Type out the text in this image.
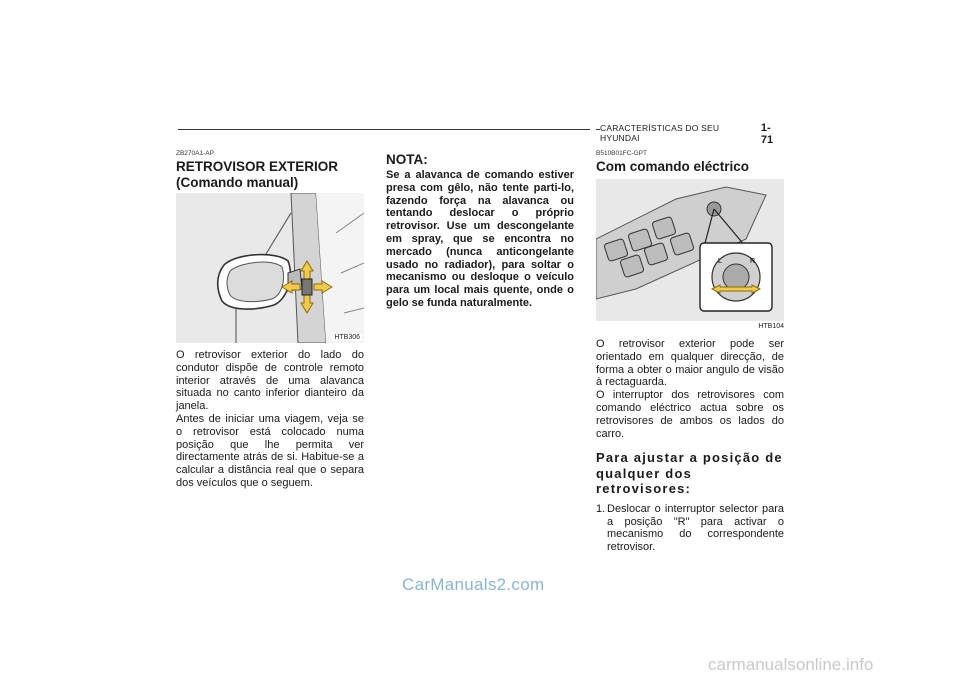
CARACTERÍSTICAS DO SEU HYUNDAI
1- 71
ZB270A1-AP
RETROVISOR EXTERIOR
(Comando manual)
HTB306

O retrovisor exterior do lado do condutor dispõe de controle remoto interior através de uma alavanca situada no canto inferior dianteiro da janela.

Antes de iniciar uma viagem, veja se o retrovisor está colocado numa posição que lhe permita ver directamente atrás de si. Habitue-se a calcular a distância real que o separa dos veículos que o seguem.

NOTA:
Se a alavanca de comando estiver presa com gêlo, não tente parti-lo, fazendo força na alavanca ou tentando deslocar o próprio retrovisor. Use um descongelante em spray, que se encontra no mercado (nunca anticongelante usado no radiador), para soltar o mecanismo ou desloque o veículo para um local mais quente, onde o gelo se funda naturalmente.
B510B01FC-GPT
Com comando eléctrico
L	R
HTB104

O retrovisor exterior pode ser orientado em qualquer direcção, de forma a obter o maior angulo de visão à rectaguarda.

O interruptor dos retrovisores com comando eléctrico actua sobre os retrovisores de ambos os lados do carro.

Para ajustar a posição de qualquer dos retrovisores:
1. Deslocar o interruptor selector para a posição "R" para activar o mecanismo do correspondente retrovisor.
CarManuals2.com
carmanualsonline.info
